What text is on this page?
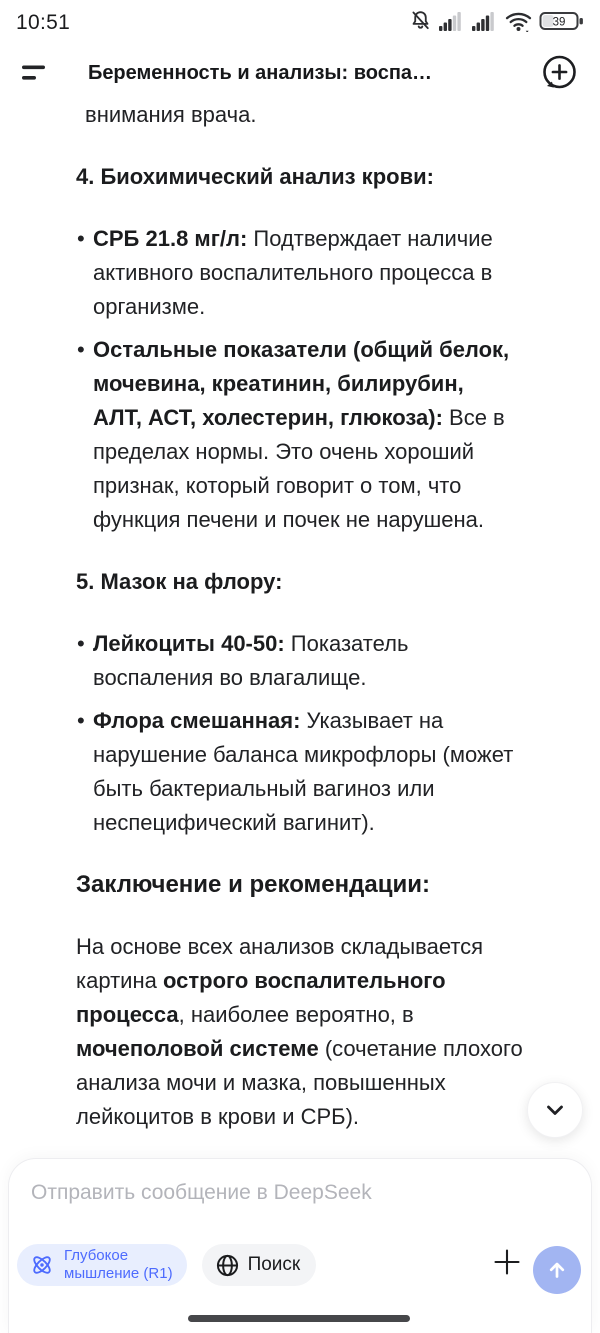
10:51	39
Беременность и анализы: воспа…
внимания врача.
4. Биохимический анализ крови:
• СРБ 21.8 мг/л: Подтверждает наличие
активного воспалительного процесса в
организме.
• Остальные показатели (общий белок,
мочевина, креатинин, билирубин,
АЛТ, АСТ, холестерин, глюкоза): Все в
пределах нормы. Это очень хороший
признак, который говорит о том, что
функция печени и почек не нарушена.
5. Мазок на флору:
• Лейкоциты 40-50: Показатель
воспаления во влагалище.
• Флора смешанная: Указывает на
нарушение баланса микрофлоры (может
быть бактериальный вагиноз или
неспецифический вагинит).
Заключение и рекомендации:
На основе всех анализов складывается
картина острого воспалительного
процесса, наиболее вероятно, в
мочеполовой системе (сочетание плохого
анализа мочи и мазка, повышенных
лейкоцитов в крови и СРБ).
Отправить сообщение в DeepSeek
Глубокое
мышление (R1)	Поиск
